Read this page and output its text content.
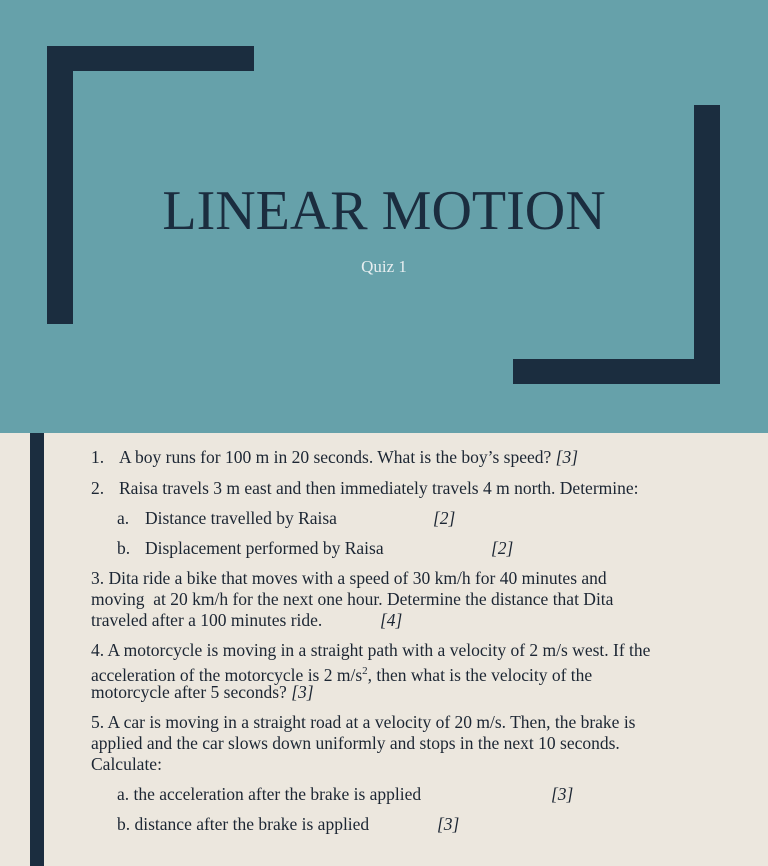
LINEAR MOTION
Quiz 1

1. A boy runs for 100 m in 20 seconds. What is the boy’s speed? [3]

2. Raisa travels 3 m east and then immediately travels 4 m north. Determine:

a. Distance travelled by Raisa	[2]

b. Displacement performed by Raisa	[2]

3. Dita ride a bike that moves with a speed of 30 km/h for 40 minutes and

moving  at 20 km/h for the next one hour. Determine the distance that Dita

traveled after a 100 minutes ride.	[4]

4. A motorcycle is moving in a straight path with a velocity of 2 m/s west. If the

acceleration of the motorcycle is 2 $m/s^2$, then what is the velocity of the

motorcycle after 5 seconds? [3]

5. A car is moving in a straight road at a velocity of 20 m/s. Then, the brake is

applied and the car slows down uniformly and stops in the next 10 seconds.

Calculate:

a. the acceleration after the brake is applied	[3]

b. distance after the brake is applied	[3]
